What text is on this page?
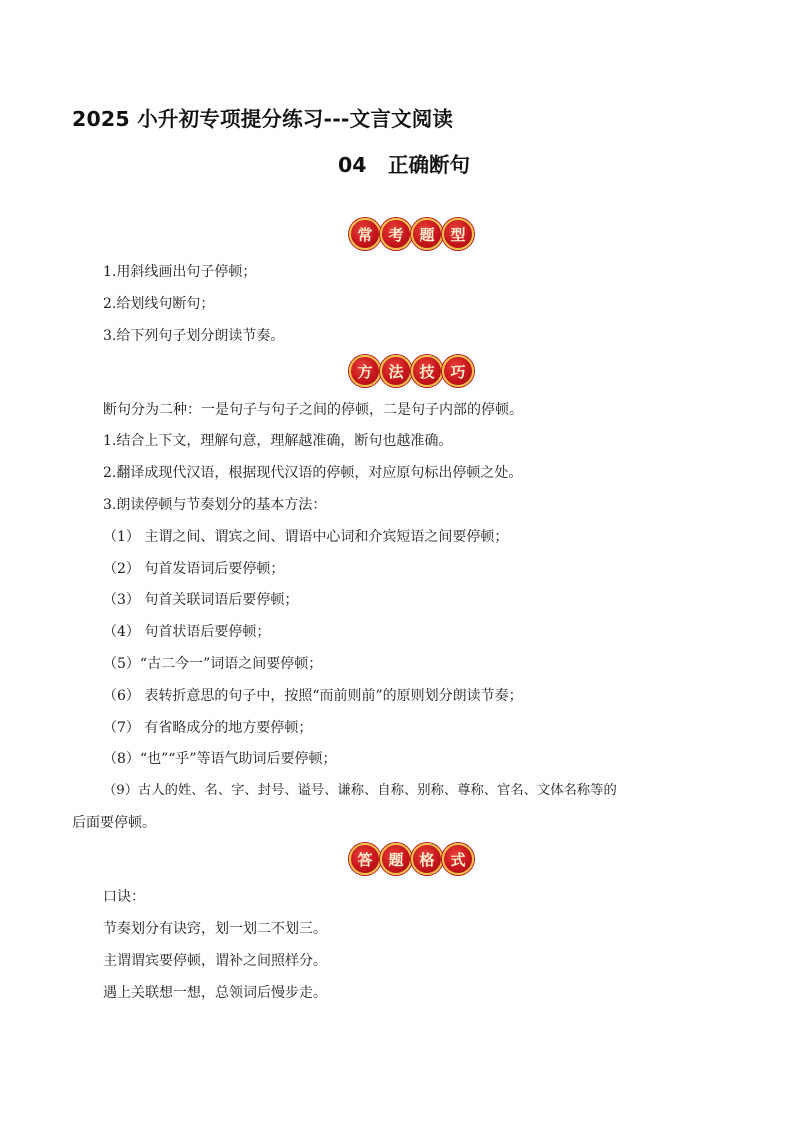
2025 小升初专项提分练习---文言文阅读
04   正确断句
常	考	题	型
1.用斜线画出句子停顿；
2.给划线句断句；
3.给下列句子划分朗读节奏。
方	法	技	巧
断句分为二种：一是句子与句子之间的停顿，二是句子内部的停顿。
1.结合上下文，理解句意，理解越准确，断句也越准确。
2.翻译成现代汉语，根据现代汉语的停顿，对应原句标出停顿之处。
3.朗读停顿与节奏划分的基本方法：
（1） 主谓之间、谓宾之间、谓语中心词和介宾短语之间要停顿；
（2） 句首发语词后要停顿；
（3） 句首关联词语后要停顿；
（4） 句首状语后要停顿；
（5）“古二今一”词语之间要停顿；
（6） 表转折意思的句子中，按照“而前则前”的原则划分朗读节奏；
（7） 有省略成分的地方要停顿；
（8）“也”“乎”等语气助词后要停顿；
（9）古人的姓、名、字、封号、谥号、谦称、自称、别称、尊称、官名、文体名称等的
后面要停顿。
答	题	格	式
口诀：
节奏划分有诀窍，划一划二不划三。
主谓谓宾要停顿，谓补之间照样分。
遇上关联想一想，总领词后慢步走。
